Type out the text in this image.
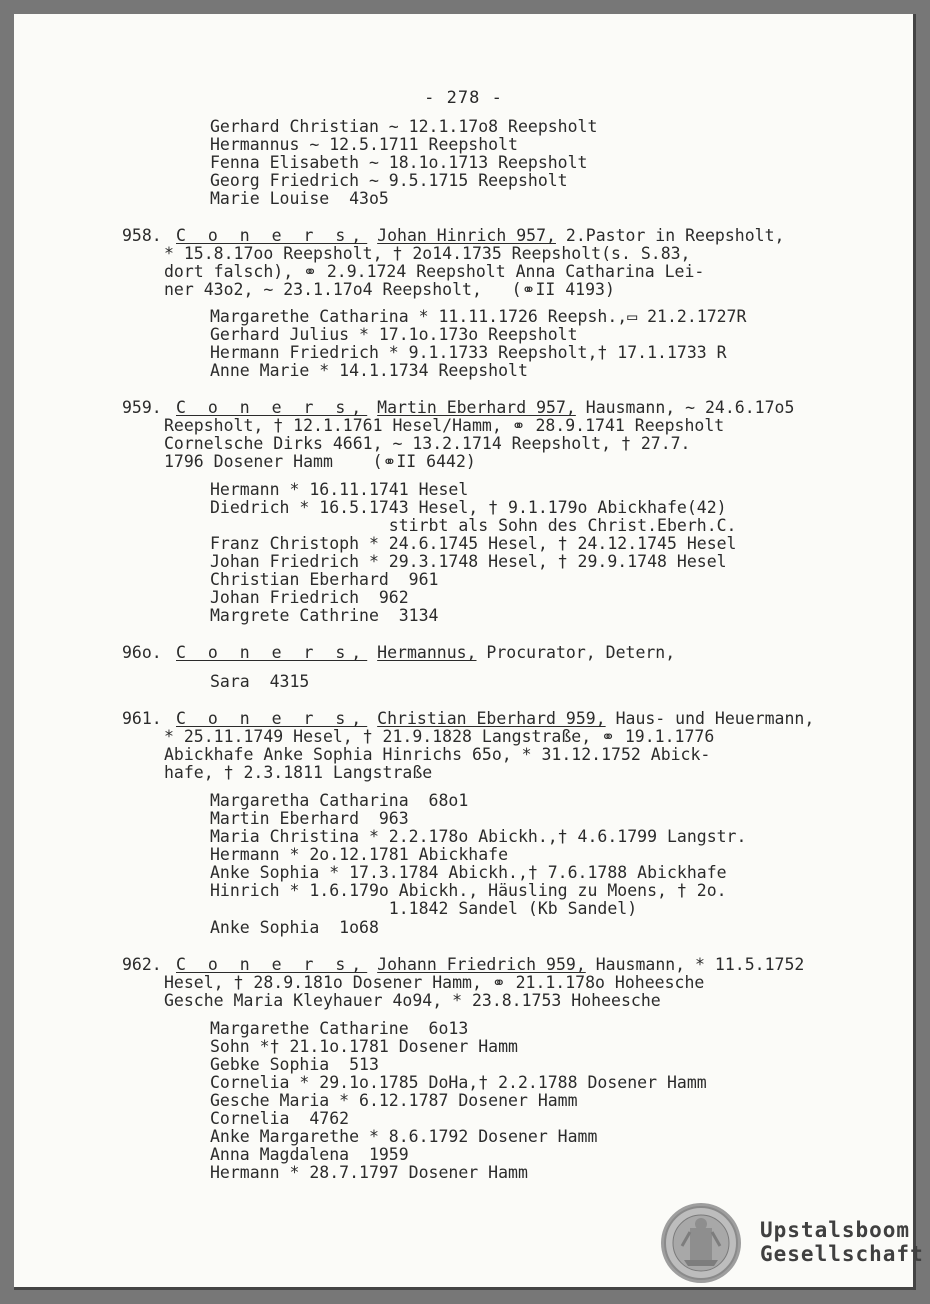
- 278 -
Gerhard Christian ~ 12.1.17o8 Reepsholt
Hermannus ~ 12.5.1711 Reepsholt
Fenna Elisabeth ~ 18.1o.1713 Reepsholt
Georg Friedrich ~ 9.5.1715 Reepsholt
Marie Louise  43o5
958. C o n e r s, Johan Hinrich 957, 2.Pastor in Reepsholt,
* 15.8.17oo Reepsholt, † 2o14.1735 Reepsholt(s. S.83,
dort falsch), ⚭ 2.9.1724 Reepsholt Anna Catharina Lei-
ner 43o2, ~ 23.1.17o4 Reepsholt,   (⚭II 4193)
Margarethe Catharina * 11.11.1726 Reepsh.,▭ 21.2.1727R
Gerhard Julius * 17.1o.173o Reepsholt
Hermann Friedrich * 9.1.1733 Reepsholt,† 17.1.1733 R
Anne Marie * 14.1.1734 Reepsholt
959. C o n e r s, Martin Eberhard 957, Hausmann, ~ 24.6.17o5
Reepsholt, † 12.1.1761 Hesel/Hamm, ⚭ 28.9.1741 Reepsholt
Cornelsche Dirks 4661, ~ 13.2.1714 Reepsholt, † 27.7.
1796 Dosener Hamm    (⚭II 6442)
Hermann * 16.11.1741 Hesel
Diedrich * 16.5.1743 Hesel, † 9.1.179o Abickhafe(42)
stirbt als Sohn des Christ.Eberh.C.
Franz Christoph * 24.6.1745 Hesel, † 24.12.1745 Hesel
Johan Friedrich * 29.3.1748 Hesel, † 29.9.1748 Hesel
Christian Eberhard  961
Johan Friedrich  962
Margrete Cathrine  3134
96o. C o n e r s, Hermannus, Procurator, Detern,
Sara  4315
961. C o n e r s, Christian Eberhard 959, Haus- und Heuermann,
* 25.11.1749 Hesel, † 21.9.1828 Langstraße, ⚭ 19.1.1776
Abickhafe Anke Sophia Hinrichs 65o, * 31.12.1752 Abick-
hafe, † 2.3.1811 Langstraße
Margaretha Catharina  68o1
Martin Eberhard  963
Maria Christina * 2.2.178o Abickh.,† 4.6.1799 Langstr.
Hermann * 2o.12.1781 Abickhafe
Anke Sophia * 17.3.1784 Abickh.,† 7.6.1788 Abickhafe
Hinrich * 1.6.179o Abickh., Häusling zu Moens, † 2o.
1.1842 Sandel (Kb Sandel)
Anke Sophia  1o68
962. C o n e r s, Johann Friedrich 959, Hausmann, * 11.5.1752
Hesel, † 28.9.181o Dosener Hamm, ⚭ 21.1.178o Hoheesche
Gesche Maria Kleyhauer 4o94, * 23.8.1753 Hoheesche
Margarethe Catharine  6o13
Sohn *† 21.1o.1781 Dosener Hamm
Gebke Sophia  513
Cornelia * 29.1o.1785 DoHa,† 2.2.1788 Dosener Hamm
Gesche Maria * 6.12.1787 Dosener Hamm
Cornelia  4762
Anke Margarethe * 8.6.1792 Dosener Hamm
Anna Magdalena  1959
Hermann * 28.7.1797 Dosener Hamm
Upstalsboom
Gesellschaft
